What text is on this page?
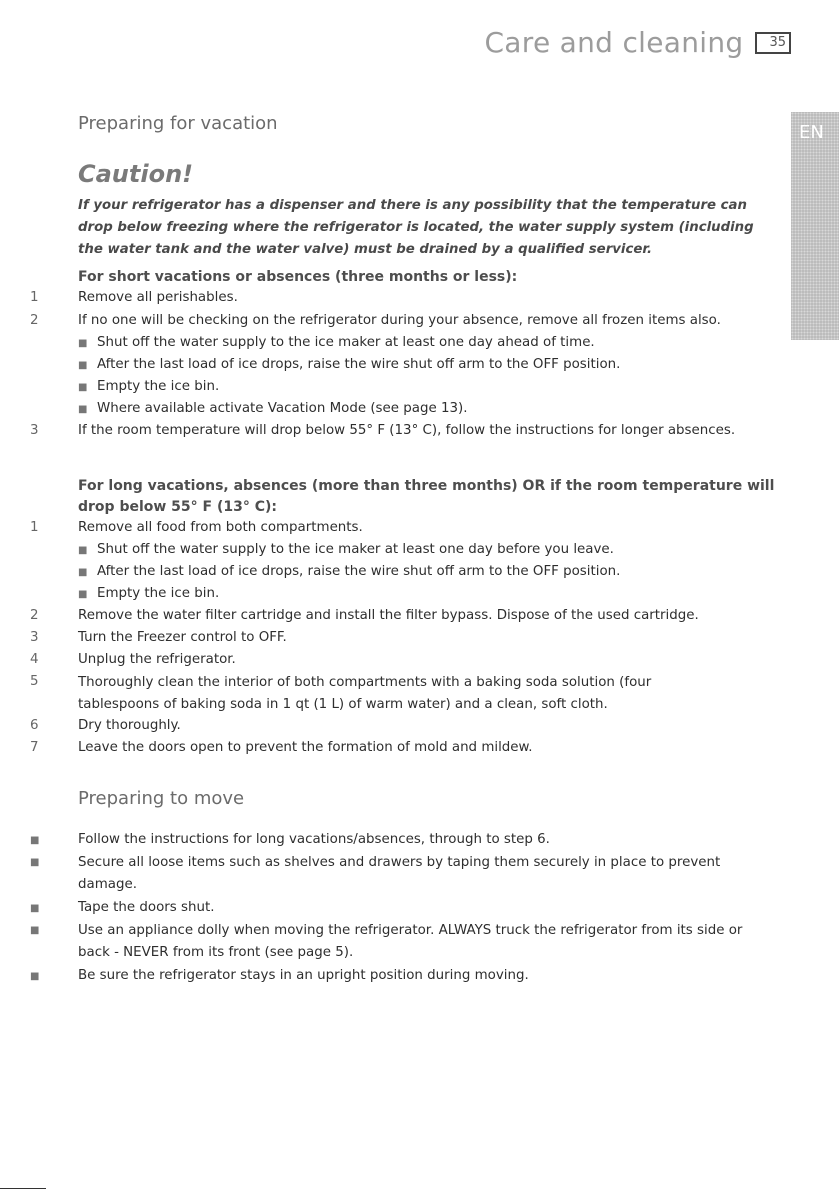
Care and cleaning	35
EN
Preparing for vacation
Caution!
If your refrigerator has a dispenser and there is any possibility that the temperature can drop below freezing where the refrigerator is located, the water supply system (including the water tank and the water valve) must be drained by a qualified servicer.
For short vacations or absences (three months or less):
1	Remove all perishables.
2	If no one will be checking on the refrigerator during your absence, remove all frozen items also.
■ Shut off the water supply to the ice maker at least one day ahead of time.
■ After the last load of ice drops, raise the wire shut off arm to the OFF position.
■ Empty the ice bin.
■ Where available activate Vacation Mode (see page 13).
3	If the room temperature will drop below 55° F (13° C), follow the instructions for longer absences.
For long vacations, absences (more than three months) OR if the room temperature will drop below 55° F (13° C):
1	Remove all food from both compartments.
■ Shut off the water supply to the ice maker at least one day before you leave.
■ After the last load of ice drops, raise the wire shut off arm to the OFF position.
■ Empty the ice bin.
2	Remove the water filter cartridge and install the filter bypass. Dispose of the used cartridge.
3	Turn the Freezer control to OFF.
4	Unplug the refrigerator.
5	Thoroughly clean the interior of both compartments with a baking soda solution (four tablespoons of baking soda in 1 qt (1 L) of warm water) and a clean, soft cloth.
6	Dry thoroughly.
7	Leave the doors open to prevent the formation of mold and mildew.
Preparing to move
■	Follow the instructions for long vacations/absences, through to step 6.
■	Secure all loose items such as shelves and drawers by taping them securely in place to prevent damage.
■	Tape the doors shut.
■	Use an appliance dolly when moving the refrigerator. ALWAYS truck the refrigerator from its side or back - NEVER from its front (see page 5).
■	Be sure the refrigerator stays in an upright position during moving.
